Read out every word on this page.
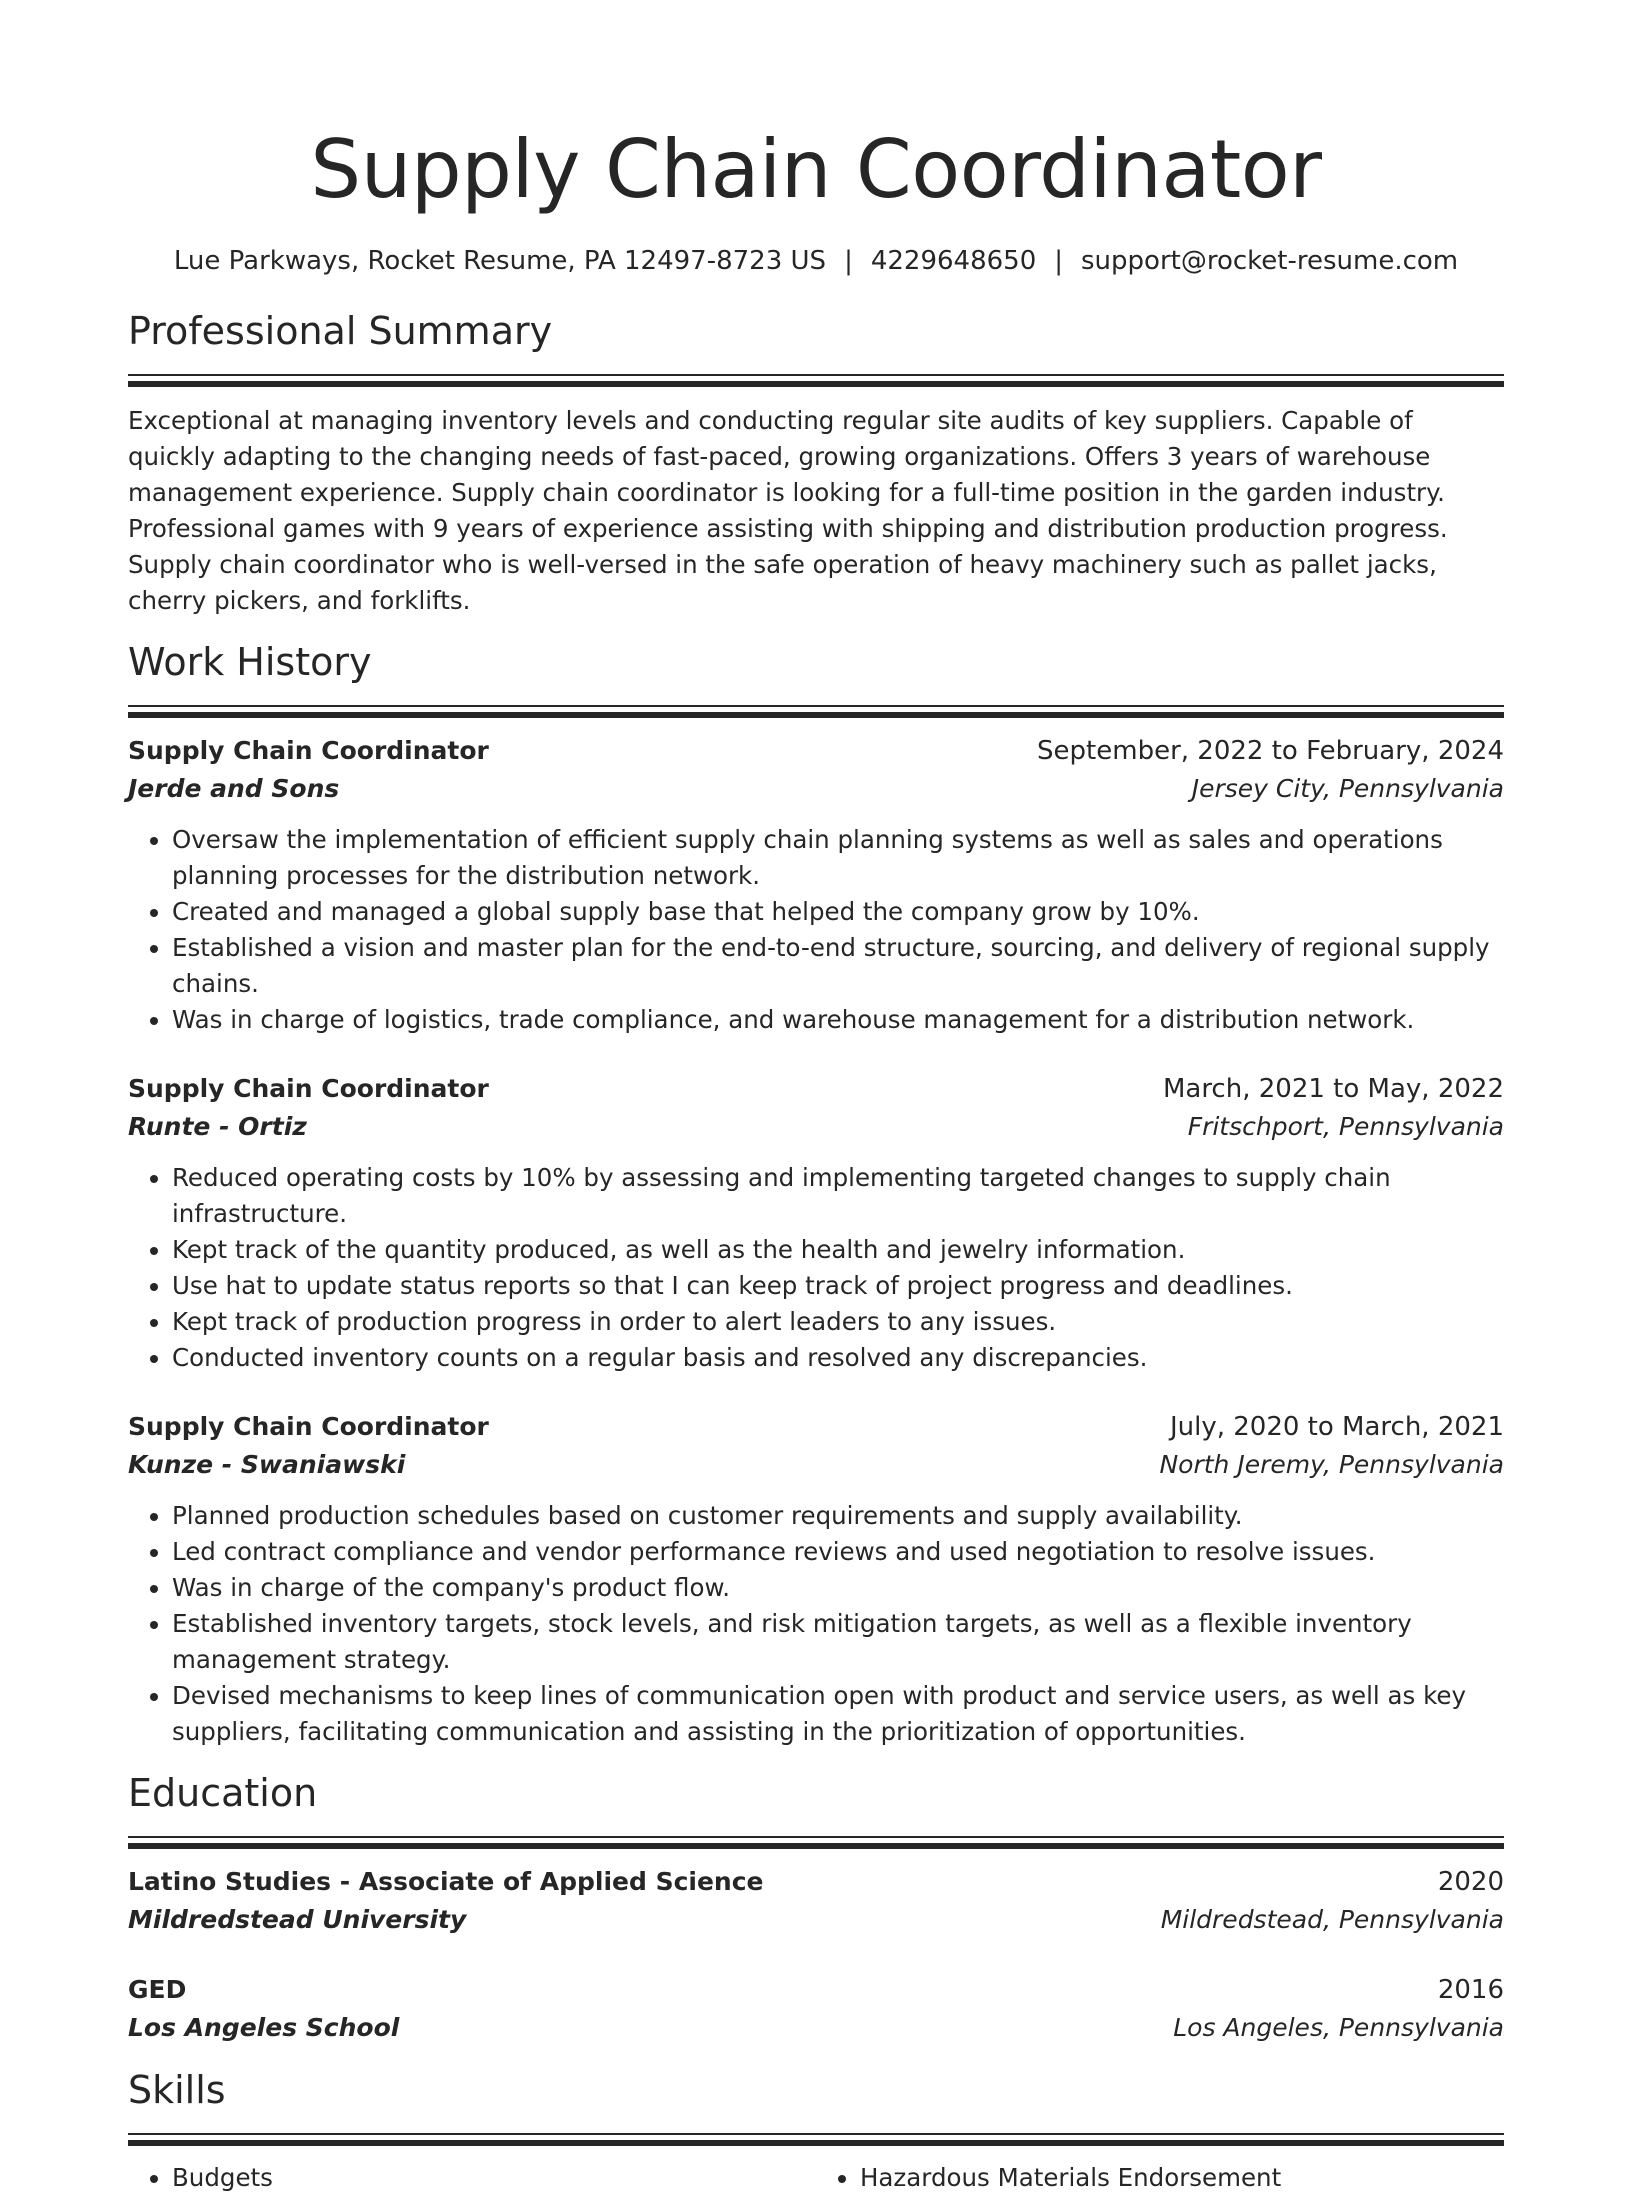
Supply Chain Coordinator
Lue Parkways, Rocket Resume, PA 12497-8723 US | 4229648650 | support@rocket-resume.com
Professional Summary

Exceptional at managing inventory levels and conducting regular site audits of key suppliers. Capable of quickly adapting to the changing needs of fast-paced, growing organizations. Offers 3 years of warehouse management experience. Supply chain coordinator is looking for a full-time position in the garden industry. Professional games with 9 years of experience assisting with shipping and distribution production progress. Supply chain coordinator who is well-versed in the safe operation of heavy machinery such as pallet jacks, cherry pickers, and forklifts.

Work History
Supply Chain Coordinator	September, 2022 to February, 2024
Jerde and Sons	Jersey City, Pennsylvania
• Oversaw the implementation of efficient supply chain planning systems as well as sales and operations planning processes for the distribution network.
• Created and managed a global supply base that helped the company grow by 10%.
• Established a vision and master plan for the end-to-end structure, sourcing, and delivery of regional supply chains.
• Was in charge of logistics, trade compliance, and warehouse management for a distribution network.
Supply Chain Coordinator	March, 2021 to May, 2022
Runte - Ortiz	Fritschport, Pennsylvania
• Reduced operating costs by 10% by assessing and implementing targeted changes to supply chain infrastructure.
• Kept track of the quantity produced, as well as the health and jewelry information.
• Use hat to update status reports so that I can keep track of project progress and deadlines.
• Kept track of production progress in order to alert leaders to any issues.
• Conducted inventory counts on a regular basis and resolved any discrepancies.
Supply Chain Coordinator	July, 2020 to March, 2021
Kunze - Swaniawski	North Jeremy, Pennsylvania
• Planned production schedules based on customer requirements and supply availability.
• Led contract compliance and vendor performance reviews and used negotiation to resolve issues.
• Was in charge of the company's product flow.
• Established inventory targets, stock levels, and risk mitigation targets, as well as a flexible inventory management strategy.
• Devised mechanisms to keep lines of communication open with product and service users, as well as key suppliers, facilitating communication and assisting in the prioritization of opportunities.
Education
Latino Studies - Associate of Applied Science	2020
Mildredstead University	Mildredstead, Pennsylvania
GED	2016
Los Angeles School	Los Angeles, Pennsylvania
Skills
• Budgets
•	Hazardous Materials Endorsement
